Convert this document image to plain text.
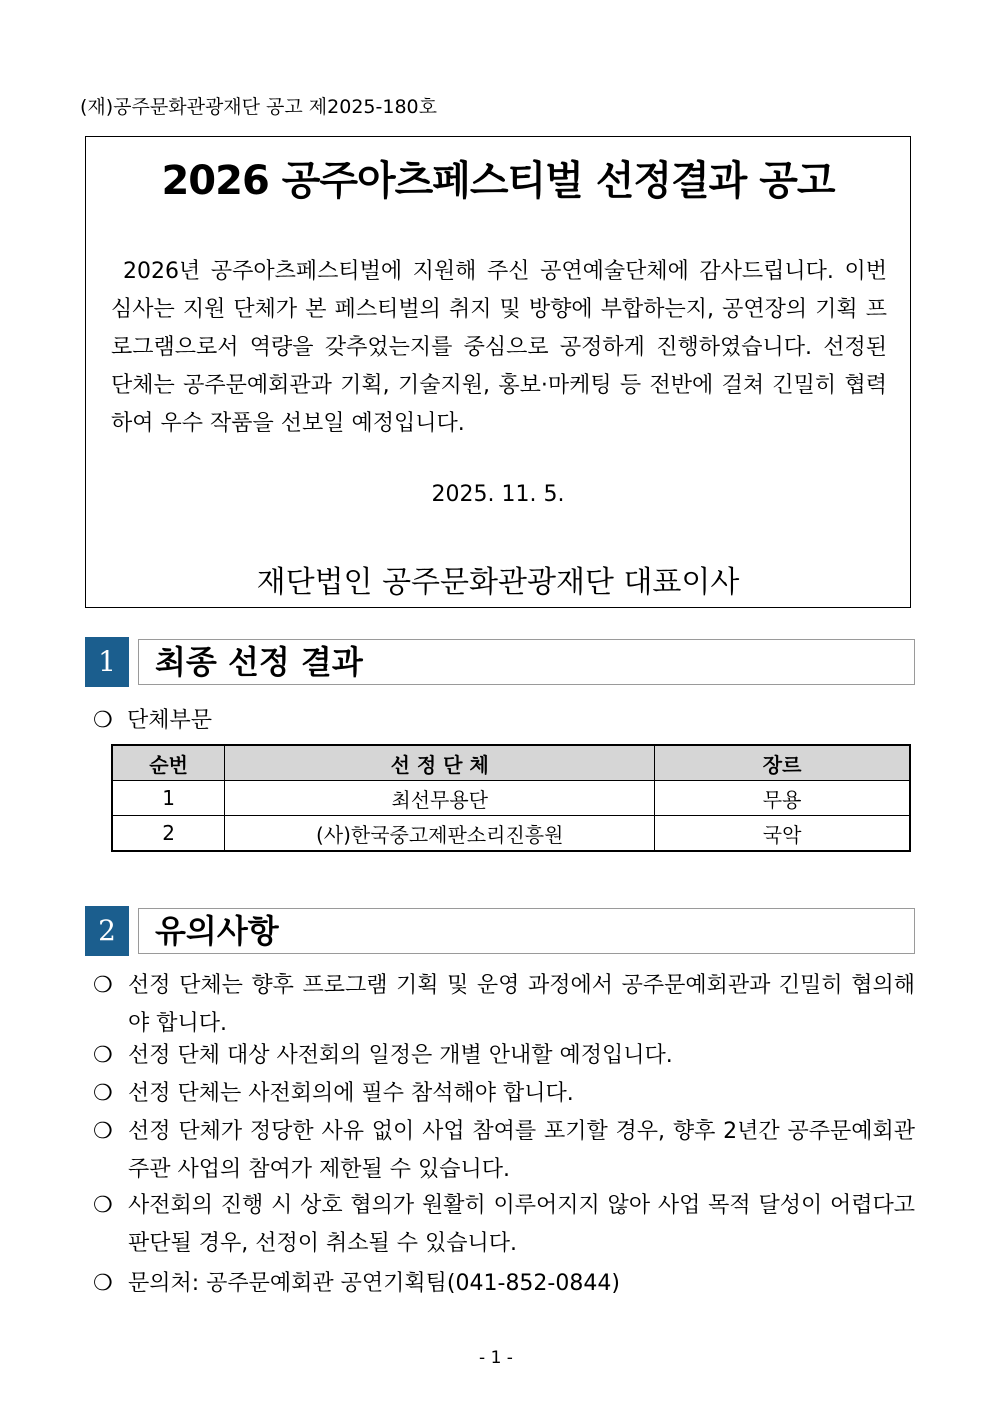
(재)공주문화관광재단 공고 제2025-180호
2026 공주아츠페스티벌 선정결과 공고
2026년 공주아츠페스티벌에 지원해 주신 공연예술단체에 감사드립니다. 이번 심사는 지원 단체가 본 페스티벌의 취지 및 방향에 부합하는지, 공연장의 기획 프로그램으로서 역량을 갖추었는지를 중심으로 공정하게 진행하였습니다. 선정된 단체는 공주문예회관과 기획, 기술지원, 홍보·마케팅 등 전반에 걸쳐 긴밀히 협력하여 우수 작품을 선보일 예정입니다.
2025. 11. 5.
재단법인 공주문화관광재단 대표이사
1	최종 선정 결과
❍ 단체부문
순번	선 정 단 체	장르
1	최선무용단	무용
2	(사)한국중고제판소리진흥원	국악
2	유의사항
❍ 선정 단체는 향후 프로그램 기획 및 운영 과정에서 공주문예회관과 긴밀히 협의해야 합니다.
❍ 선정 단체 대상 사전회의 일정은 개별 안내할 예정입니다.
❍ 선정 단체는 사전회의에 필수 참석해야 합니다.
❍ 선정 단체가 정당한 사유 없이 사업 참여를 포기할 경우, 향후 2년간 공주문예회관 주관 사업의 참여가 제한될 수 있습니다.
❍ 사전회의 진행 시 상호 협의가 원활히 이루어지지 않아 사업 목적 달성이 어렵다고 판단될 경우, 선정이 취소될 수 있습니다.
❍ 문의처: 공주문예회관 공연기획팀(041-852-0844)
- 1 -
